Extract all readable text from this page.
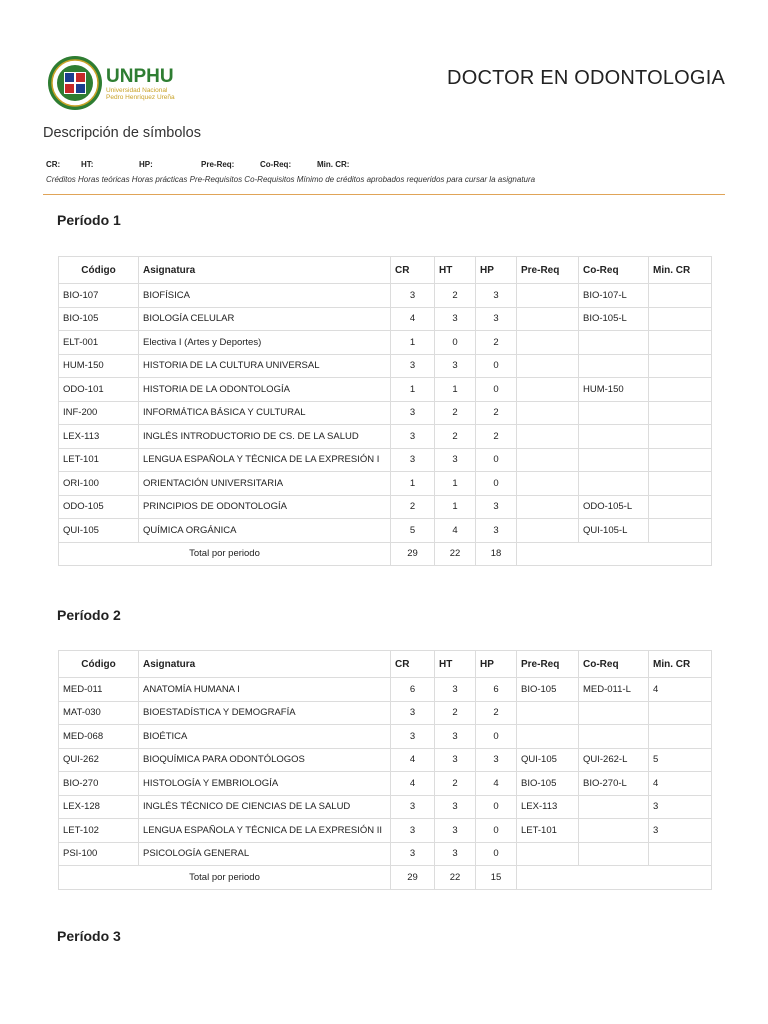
UNPHU
Universidad Nacional
Pedro Henríquez Ureña
DOCTOR EN ODONTOLOGIA
Descripción de símbolos
CR:	HT:	HP:	Pre-Req:	Co-Req:	Min. CR:
Créditos Horas teóricas Horas prácticas Pre-Requisitos Co-Requisitos Mínimo de créditos aprobados requeridos para cursar la asignatura
Período 1
Código	Asignatura	CR	HT	HP	Pre-Req	Co-Req	Min. CR
BIO-107	BIOFÍSICA	3	2	3		BIO-107-L	
BIO-105	BIOLOGÍA CELULAR	4	3	3		BIO-105-L	
ELT-001	Electiva I (Artes y Deportes)	1	0	2			
HUM-150	HISTORIA DE LA CULTURA UNIVERSAL	3	3	0			
ODO-101	HISTORIA DE LA ODONTOLOGÍA	1	1	0		HUM-150	
INF-200	INFORMÁTICA BÁSICA Y CULTURAL	3	2	2			
LEX-113	INGLÉS INTRODUCTORIO DE CS. DE LA SALUD	3	2	2			
LET-101	LENGUA ESPAÑOLA Y TÉCNICA DE LA EXPRESIÓN I	3	3	0			
ORI-100	ORIENTACIÓN UNIVERSITARIA	1	1	0			
ODO-105	PRINCIPIOS DE ODONTOLOGÍA	2	1	3		ODO-105-L	
QUI-105	QUÍMICA ORGÁNICA	5	4	3		QUI-105-L	
Total por periodo		29	22	18			
Período 2
Código	Asignatura	CR	HT	HP	Pre-Req	Co-Req	Min. CR
MED-011	ANATOMÍA HUMANA I	6	3	6	BIO-105	MED-011-L	4
MAT-030	BIOESTADÍSTICA Y DEMOGRAFÍA	3	2	2			
MED-068	BIOÉTICA	3	3	0			
QUI-262	BIOQUÍMICA PARA ODONTÓLOGOS	4	3	3	QUI-105	QUI-262-L	5
BIO-270	HISTOLOGÍA Y EMBRIOLOGÍA	4	2	4	BIO-105	BIO-270-L	4
LEX-128	INGLÉS TÉCNICO DE CIENCIAS DE LA SALUD	3	3	0	LEX-113		3
LET-102	LENGUA ESPAÑOLA Y TÉCNICA DE LA EXPRESIÓN II	3	3	0	LET-101		3
PSI-100	PSICOLOGÍA GENERAL	3	3	0			
Total por periodo		29	22	15			
Período 3
